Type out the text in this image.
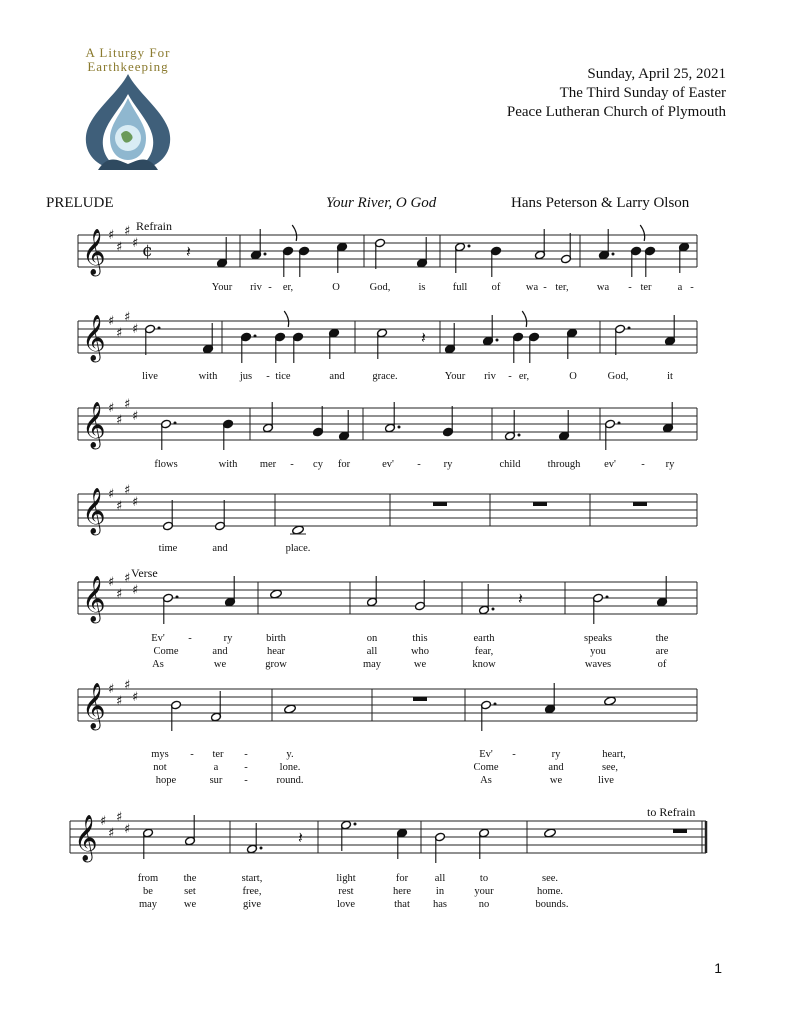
A Liturgy For
Earthkeeping	Sunday, April 25, 2021
The Third Sunday of Easter
Peace Lutheran Church of Plymouth
PRELUDE	Your River, O God	Hans Peterson & Larry Olson
Refrain
Verse
to Refrain
𝄞 ♯
♯
♯
♯ ¢ 𝄽
Your riv - er,	O	God,	is	full of wa - ter,	wa - ter a -
𝄞 ♯
♯
♯
♯	𝄽
live	with jus - tice	and	grace.	Your riv - er,	O	God,	it
𝄞 ♯
♯
♯
♯
flows	with mer - cy for	ev' - ry	child	through ev' - ry
𝄞 ♯
♯
♯
♯
time	and	place.
𝄞 ♯
♯
♯
♯	𝄽
Ev' -	ry	birth	on	this	earth	speaks	the
Come	and	hear	all	who	fear,	you	are
As	we	grow	may	we	know	waves	of
𝄞 ♯
♯
♯
♯
mys - ter -	y.	Ev' -	ry	heart,
not	a -	lone.	Come	and	see,
hope	sur -	round.	As	we	live
𝄞 ♯
♯
♯
♯	𝄽
from the	start,	light	for	all	to	see.
be	set	free,	rest	here in	your	home.
may	we	give	love	that has	no	bounds.
1
